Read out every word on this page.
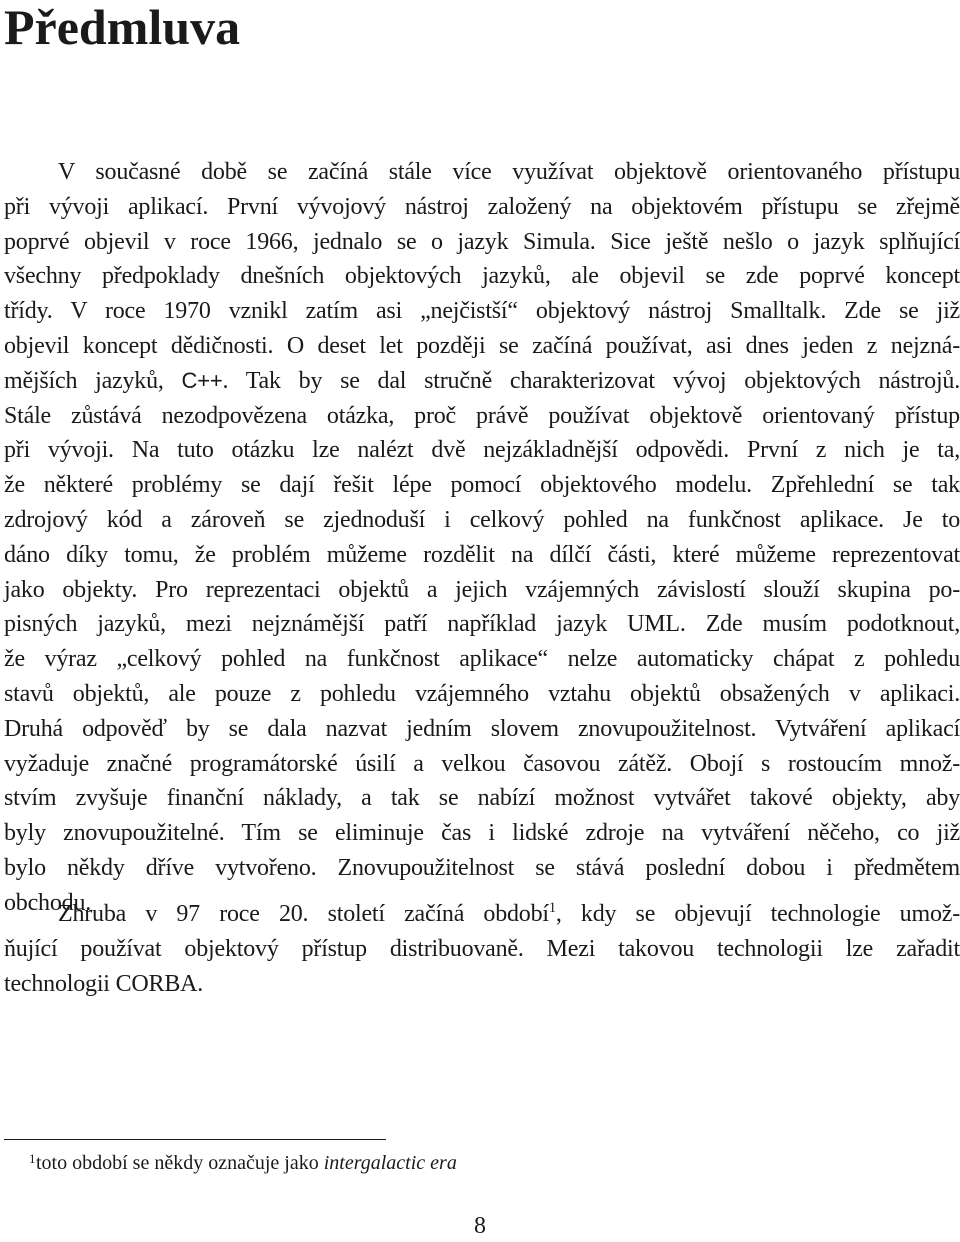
Předmluva
V současné době se začíná stále více využívat objektově orientovaného přístupu
při vývoji aplikací. První vývojový nástroj založený na objektovém přístupu se zřejmě
poprvé objevil v roce 1966, jednalo se o jazyk Simula. Sice ještě nešlo o jazyk splňující
všechny předpoklady dnešních objektových jazyků, ale objevil se zde poprvé koncept
třídy. V roce 1970 vznikl zatím asi „nejčistší“ objektový nástroj Smalltalk. Zde se již
objevil koncept dědičnosti. O deset let později se začíná používat, asi dnes jeden z nejzná-
mějších jazyků, C++. Tak by se dal stručně charakterizovat vývoj objektových nástrojů.
Stále zůstává nezodpovězena otázka, proč právě používat objektově orientovaný přístup
při vývoji. Na tuto otázku lze nalézt dvě nejzákladnější odpovědi. První z nich je ta,
že některé problémy se dají řešit lépe pomocí objektového modelu. Zpřehlední se tak
zdrojový kód a zároveň se zjednoduší i celkový pohled na funkčnost aplikace. Je to
dáno díky tomu, že problém můžeme rozdělit na dílčí části, které můžeme reprezentovat
jako objekty. Pro reprezentaci objektů a jejich vzájemných závislostí slouží skupina po-
pisných jazyků, mezi nejznámější patří například jazyk UML. Zde musím podotknout,
že výraz „celkový pohled na funkčnost aplikace“ nelze automaticky chápat z pohledu
stavů objektů, ale pouze z pohledu vzájemného vztahu objektů obsažených v aplikaci.
Druhá odpověď by se dala nazvat jedním slovem znovupoužitelnost. Vytváření aplikací
vyžaduje značné programátorské úsilí a velkou časovou zátěž. Obojí s rostoucím množ-
stvím zvyšuje finanční náklady, a tak se nabízí možnost vytvářet takové objekty, aby
byly znovupoužitelné. Tím se eliminuje čas i lidské zdroje na vytváření něčeho, co již
bylo někdy dříve vytvořeno. Znovupoužitelnost se stává poslední dobou i předmětem
obchodu.
Zhruba v 97 roce 20. století začíná období$^1$, kdy se objevují technologie umož-
ňující používat objektový přístup distribuovaně. Mezi takovou technologii lze zařadit
technologii CORBA.
1 toto období se někdy označuje jako intergalactic era
8
